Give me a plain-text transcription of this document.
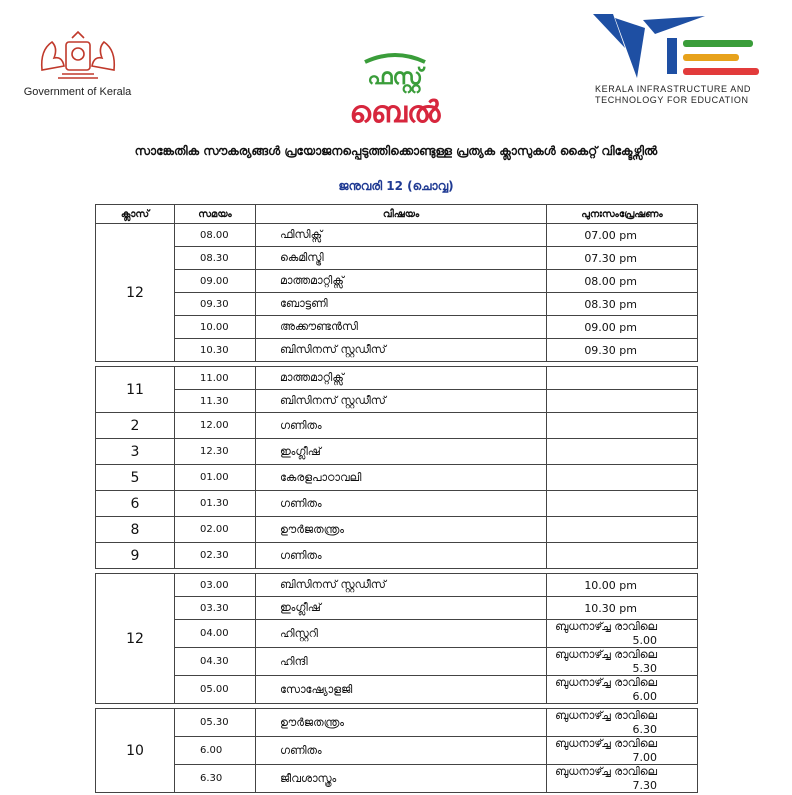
Government of Kerala
ഫസ്റ്റ്
ബെൽ
KERALA INFRASTRUCTURE AND TECHNOLOGY FOR EDUCATION
സാങ്കേതിക സൗകര്യങ്ങൾ പ്രയോജനപ്പെടുത്തിക്കൊണ്ടുള്ള പ്രത്യക ക്ലാസുകൾ കൈറ്റ് വിക്ടേഴ്സിൽ
ജനുവരി 12 (ചൊവ്വ)
ക്ലാസ്	സമയം	വിഷയം	പുനഃസംപ്രേഷണം
12	08.00	ഫിസിക്സ്	07.00 pm
	08.30	കെമിസ്ട്രി	07.30 pm
	09.00	മാത്തമാറ്റിക്സ്	08.00 pm
	09.30	ബോട്ടണി	08.30 pm
	10.00	അക്കൗണ്ടൻസി	09.00 pm
	10.30	ബിസിനസ് സ്റ്റഡീസ്	09.30 pm

11	11.00	മാത്തമാറ്റിക്സ്	
	11.30	ബിസിനസ് സ്റ്റഡീസ്	
2	12.00	ഗണിതം	
3	12.30	ഇംഗ്ലീഷ്	
5	01.00	കേരളപാഠാവലി	
6	01.30	ഗണിതം	
8	02.00	ഊർജതന്ത്രം	
9	02.30	ഗണിതം	

12	03.00	ബിസിനസ് സ്റ്റഡീസ്	10.00 pm
	03.30	ഇംഗ്ലീഷ്	10.30 pm
	04.00	ഹിസ്റ്ററി	ബുധനാഴ്ച്ച രാവിലെ 5.00
	04.30	ഹിന്ദി	ബുധനാഴ്ച്ച രാവിലെ 5.30
	05.00	സോഷ്യോളജി	ബുധനാഴ്ച്ച രാവിലെ 6.00

10	05.30	ഊർജതന്ത്രം	ബുധനാഴ്ച്ച രാവിലെ 6.30
	6.00	ഗണിതം	ബുധനാഴ്ച്ച രാവിലെ 7.00
	6.30	ജീവശാസ്ത്രം	ബുധനാഴ്ച്ച രാവിലെ 7.30
